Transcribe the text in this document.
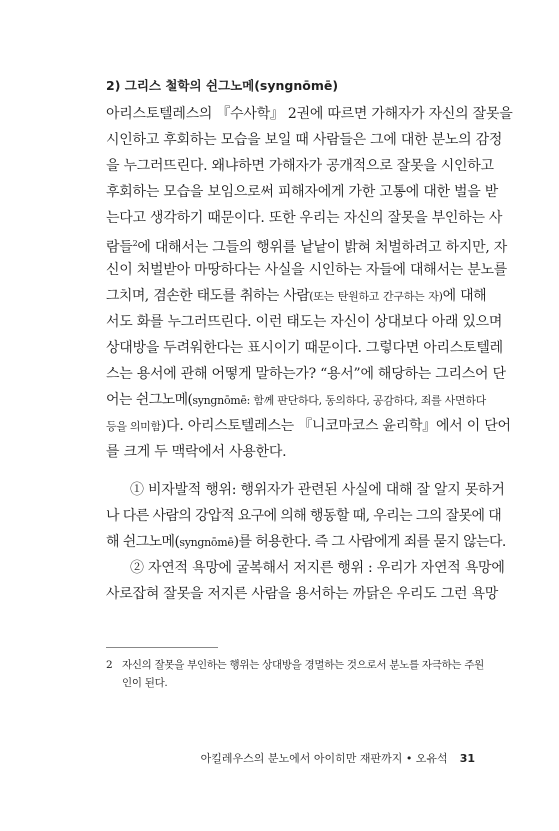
2) 그리스 철학의 쉰그노메(syngnōmē)
아리스토텔레스의 『수사학』 2권에 따르면 가해자가 자신의 잘못을
시인하고 후회하는 모습을 보일 때 사람들은 그에 대한 분노의 감정
을 누그러뜨린다. 왜냐하면 가해자가 공개적으로 잘못을 시인하고
후회하는 모습을 보임으로써 피해자에게 가한 고통에 대한 벌을 받
는다고 생각하기 때문이다. 또한 우리는 자신의 잘못을 부인하는 사
람들$^2$에 대해서는 그들의 행위를 낱낱이 밝혀 처벌하려고 하지만, 자
신이 처벌받아 마땅하다는 사실을 시인하는 자들에 대해서는 분노를
그치며, 겸손한 태도를 취하는 사람(또는 탄원하고 간구하는 자)에 대해
서도 화를 누그러뜨린다. 이런 태도는 자신이 상대보다 아래 있으며
상대방을 두려워한다는 표시이기 때문이다. 그렇다면 아리스토텔레
스는 용서에 관해 어떻게 말하는가? “용서”에 해당하는 그리스어 단
어는 쉰그노메(syngnōmē: 함께 판단하다, 동의하다, 공감하다, 죄를 사면하다
등을 의미함)다. 아리스토텔레스는 『니코마코스 윤리학』에서 이 단어
를 크게 두 맥락에서 사용한다.
① 비자발적 행위: 행위자가 관련된 사실에 대해 잘 알지 못하거
나 다른 사람의 강압적 요구에 의해 행동할 때, 우리는 그의 잘못에 대
해 쉰그노메(syngnōmē)를 허용한다. 즉 그 사람에게 죄를 묻지 않는다.
② 자연적 욕망에 굴복해서 저지른 행위 : 우리가 자연적 욕망에
사로잡혀 잘못을 저지른 사람을 용서하는 까닭은 우리도 그런 욕망
2 자신의 잘못을 부인하는 행위는 상대방을 경멸하는 것으로서 분노를 자극하는 주원
인이 된다.
아킬레우스의 분노에서 아이히만 재판까지 • 오유석 31
